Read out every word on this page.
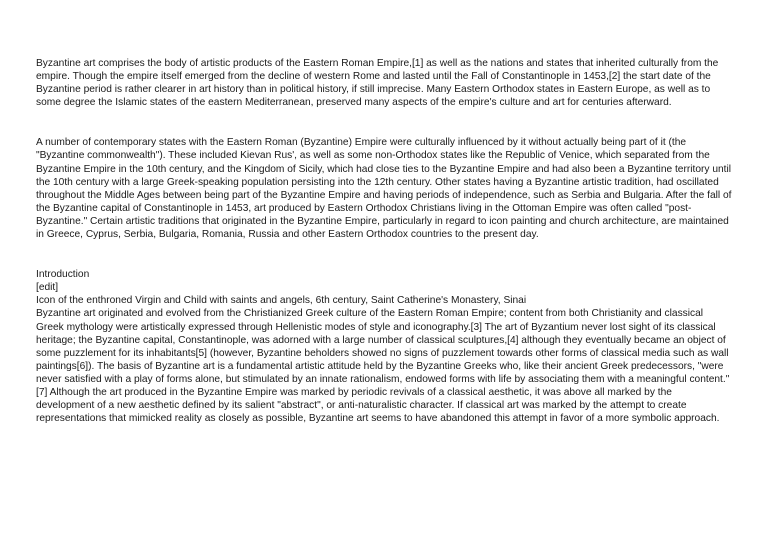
Byzantine art comprises the body of artistic products of the Eastern Roman Empire,[1] as well as the nations and states that inherited culturally from the empire. Though the empire itself emerged from the decline of western Rome and lasted until the Fall of Constantinople in 1453,[2] the start date of the Byzantine period is rather clearer in art history than in political history, if still imprecise. Many Eastern Orthodox states in Eastern Europe, as well as to some degree the Islamic states of the eastern Mediterranean, preserved many aspects of the empire's culture and art for centuries afterward.

A number of contemporary states with the Eastern Roman (Byzantine) Empire were culturally influenced by it without actually being part of it (the "Byzantine commonwealth"). These included Kievan Rus', as well as some non-Orthodox states like the Republic of Venice, which separated from the Byzantine Empire in the 10th century, and the Kingdom of Sicily, which had close ties to the Byzantine Empire and had also been a Byzantine territory until the 10th century with a large Greek-speaking population persisting into the 12th century. Other states having a Byzantine artistic tradition, had oscillated throughout the Middle Ages between being part of the Byzantine Empire and having periods of independence, such as Serbia and Bulgaria. After the fall of the Byzantine capital of Constantinople in 1453, art produced by Eastern Orthodox Christians living in the Ottoman Empire was often called "post-Byzantine." Certain artistic traditions that originated in the Byzantine Empire, particularly in regard to icon painting and church architecture, are maintained in Greece, Cyprus, Serbia, Bulgaria, Romania, Russia and other Eastern Orthodox countries to the present day.

Introduction

[edit]

Icon of the enthroned Virgin and Child with saints and angels, 6th century, Saint Catherine's Monastery, Sinai

Byzantine art originated and evolved from the Christianized Greek culture of the Eastern Roman Empire; content from both Christianity and classical Greek mythology were artistically expressed through Hellenistic modes of style and iconography.[3] The art of Byzantium never lost sight of its classical heritage; the Byzantine capital, Constantinople, was adorned with a large number of classical sculptures,[4] although they eventually became an object of some puzzlement for its inhabitants[5] (however, Byzantine beholders showed no signs of puzzlement towards other forms of classical media such as wall paintings[6]). The basis of Byzantine art is a fundamental artistic attitude held by the Byzantine Greeks who, like their ancient Greek predecessors, "were never satisfied with a play of forms alone, but stimulated by an innate rationalism, endowed forms with life by associating them with a meaningful content."[7] Although the art produced in the Byzantine Empire was marked by periodic revivals of a classical aesthetic, it was above all marked by the development of a new aesthetic defined by its salient "abstract", or anti-naturalistic character. If classical art was marked by the attempt to create representations that mimicked reality as closely as possible, Byzantine art seems to have abandoned this attempt in favor of a more symbolic approach.
